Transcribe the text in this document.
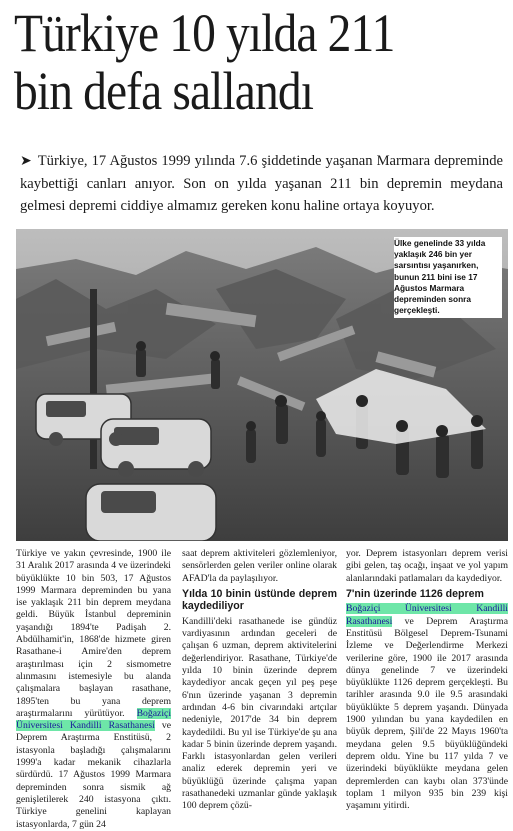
Türkiye 10 yılda 211
bin defa sallandı

➤ Türkiye, 17 Ağustos 1999 yılında 7.6 şiddetinde yaşanan Marmara depreminde kaybettiği canları anıyor. Son on yılda yaşanan 211 bin depremin meydana gelmesi depremi ciddiye almamız gereken konu haline ortaya koyuyor.

Ülke genelinde 33 yılda yaklaşık 246 bin yer sarsıntısı yaşanırken, bunun 211 bini ise 17 Ağustos Marmara depreminden sonra gerçekleşti.

Türkiye ve yakın çevresinde, 1900 ile 31 Aralık 2017 arasında 4 ve üzerindeki büyüklükte 10 bin 503, 17 Ağustos 1999 Marmara depreminden bu yana ise yaklaşık 211 bin deprem meydana geldi. Büyük İstanbul depreminin yaşandığı 1894'te Padişah 2. Abdülhamit'in, 1868'de hizmete giren Rasathane-i Amire'den deprem araştırılması için 2 sismometre alınmasını istemesiyle bu alanda çalışmalara başlayan rasathane, 1895'ten bu yana deprem araştırmalarını yürütüyor. Boğaziçi Üniversitesi Kandilli Rasathanesi ve Deprem Araştırma Enstitüsü, 2 istasyonla başladığı çalışmalarını 1999'a kadar mekanik cihazlarla sürdürdü. 17 Ağustos 1999 Marmara depreminden sonra sismik ağ genişletilerek 240 istasyona çıktı. Türkiye genelini kaplayan istasyonlarda, 7 gün 24

saat deprem aktiviteleri gözlemleniyor, sensörlerden gelen veriler online olarak AFAD'la da paylaşılıyor.

Yılda 10 binin üstünde deprem kaydediliyor

Kandilli'deki rasathanede ise gündüz vardiyasının ardından geceleri de çalışan 6 uzman, deprem aktivitelerini değerlendiriyor. Rasathane, Türkiye'de yılda 10 binin üzerinde deprem kaydediyor ancak geçen yıl peş peşe 6'nın üzerinde yaşanan 3 depremin ardından 4-6 bin civarındaki artçılar nedeniyle, 2017'de 34 bin deprem kaydedildi. Bu yıl ise Türkiye'de şu ana kadar 5 binin üzerinde deprem yaşandı. Farklı istasyonlardan gelen verileri analiz ederek depremin yeri ve büyüklüğü üzerinde çalışma yapan rasathanedeki uzmanlar günde yaklaşık 100 deprem çözü-

yor. Deprem istasyonları deprem verisi gibi gelen, taş ocağı, inşaat ve yol yapım alanlarındaki patlamaları da kaydediyor.

7'nin üzerinde 1126 deprem

Boğaziçi Üniversitesi Kandilli Rasathanesi ve Deprem Araştırma Enstitüsü Bölgesel Deprem-Tsunami İzleme ve Değerlendirme Merkezi verilerine göre, 1900 ile 2017 arasında dünya genelinde 7 ve üzerindeki büyüklükte 1126 deprem gerçekleşti. Bu tarihler arasında 9.0 ile 9.5 arasındaki büyüklükte 5 deprem yaşandı. Dünyada 1900 yılından bu yana kaydedilen en büyük deprem, Şili'de 22 Mayıs 1960'ta meydana gelen 9.5 büyüklüğündeki deprem oldu. Yine bu 117 yılda 7 ve üzerindeki büyüklükte meydana gelen depremlerden can kaybı olan 373'ünde toplam 1 milyon 935 bin 239 kişi yaşamını yitirdi.
